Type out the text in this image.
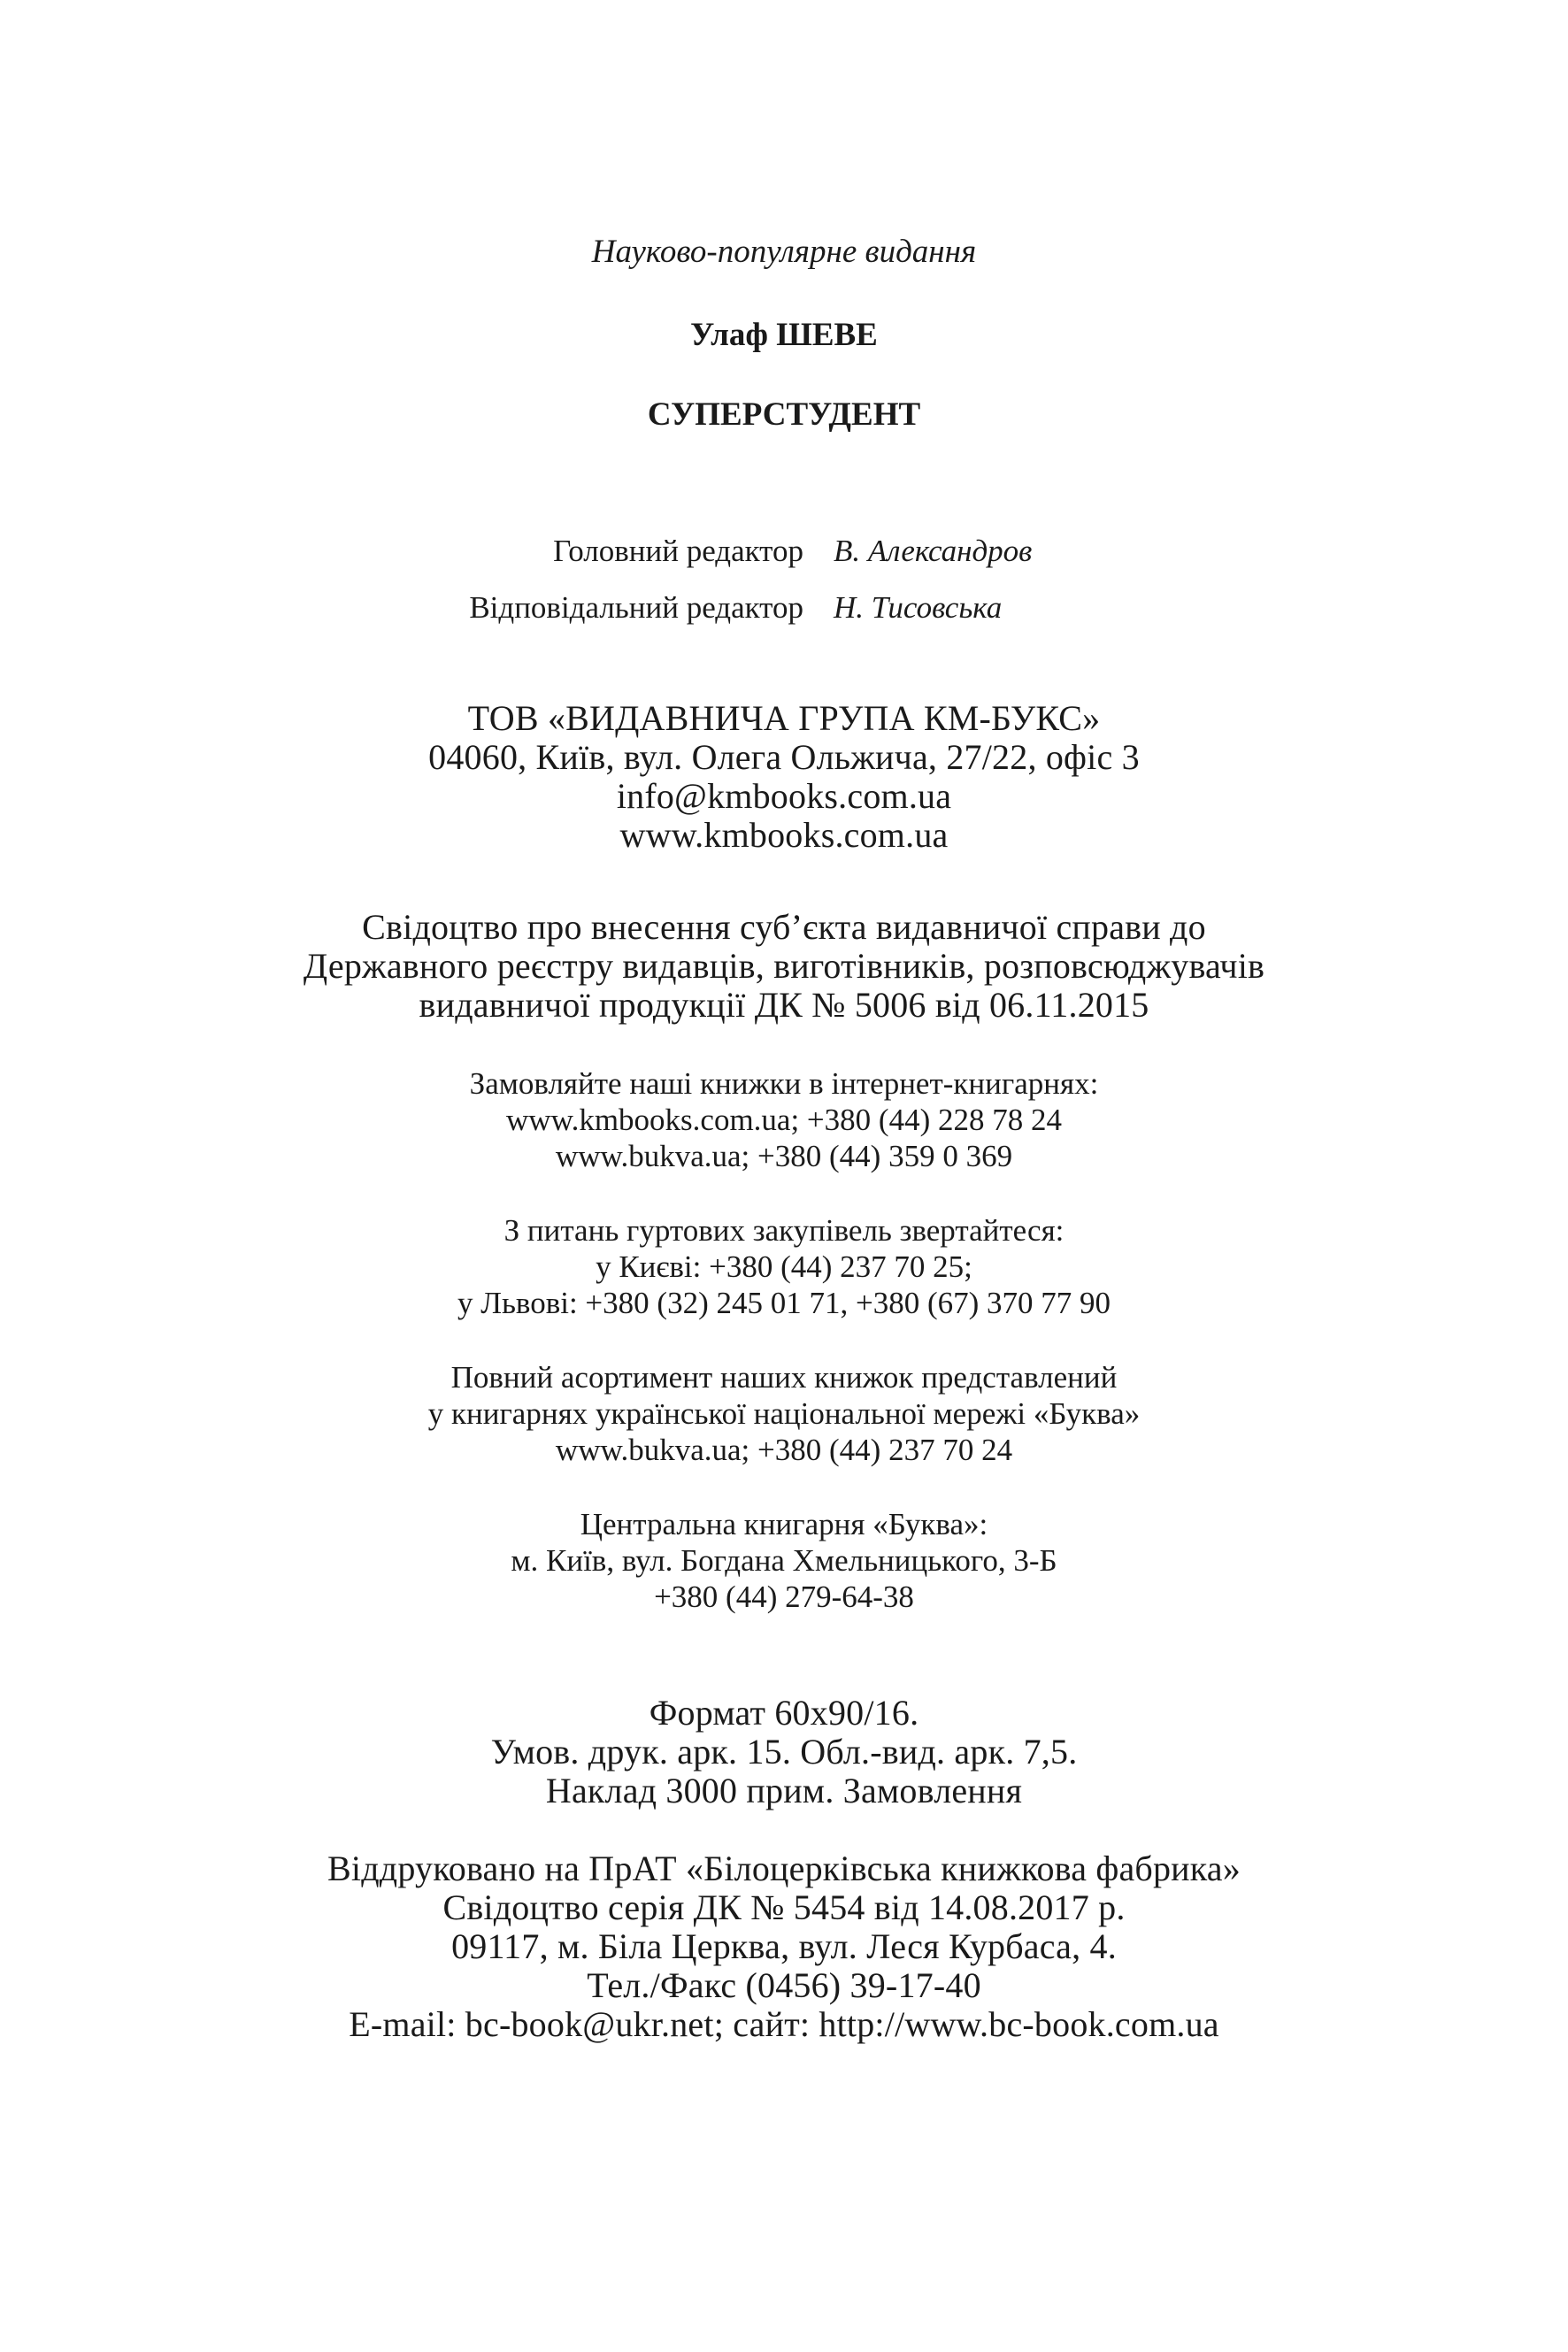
Науково-популярне видання
Улаф ШЕВЕ
СУПЕРСТУДЕНТ
Головний редактор В. Александров
Відповідальний редактор Н. Тисовська
ТОВ «ВИДАВНИЧА ГРУПА КМ-БУКС»
04060, Київ, вул. Олега Ольжича, 27/22, офіс 3
info@kmbooks.com.ua
www.kmbooks.com.ua
Свідоцтво про внесення суб’єкта видавничої справи до
Державного реєстру видавців, виготівників, розповсюджувачів
видавничої продукції ДК № 5006 від 06.11.2015
Замовляйте наші книжки в інтернет-книгарнях:
www.kmbooks.com.ua; +380 (44) 228 78 24
www.bukva.ua; +380 (44) 359 0 369
З питань гуртових закупівель звертайтеся:
у Києві: +380 (44) 237 70 25;
у Львові: +380 (32) 245 01 71, +380 (67) 370 77 90
Повний асортимент наших книжок представлений
у книгарнях української національної мережі «Буква»
www.bukva.ua; +380 (44) 237 70 24
Центральна книгарня «Буква»:
м. Київ, вул. Богдана Хмельницького, 3-Б
+380 (44) 279-64-38
Формат 60х90/16.
Умов. друк. арк. 15. Обл.-вид. арк. 7,5.
Наклад 3000 прим. Замовлення
Віддруковано на ПрАТ «Білоцерківська книжкова фабрика»
Свідоцтво серія ДК № 5454 від 14.08.2017 р.
09117, м. Біла Церква, вул. Леся Курбаса, 4.
Тел./Факс (0456) 39-17-40
E-mail: bc-book@ukr.net; сайт: http://www.bc-book.com.ua
